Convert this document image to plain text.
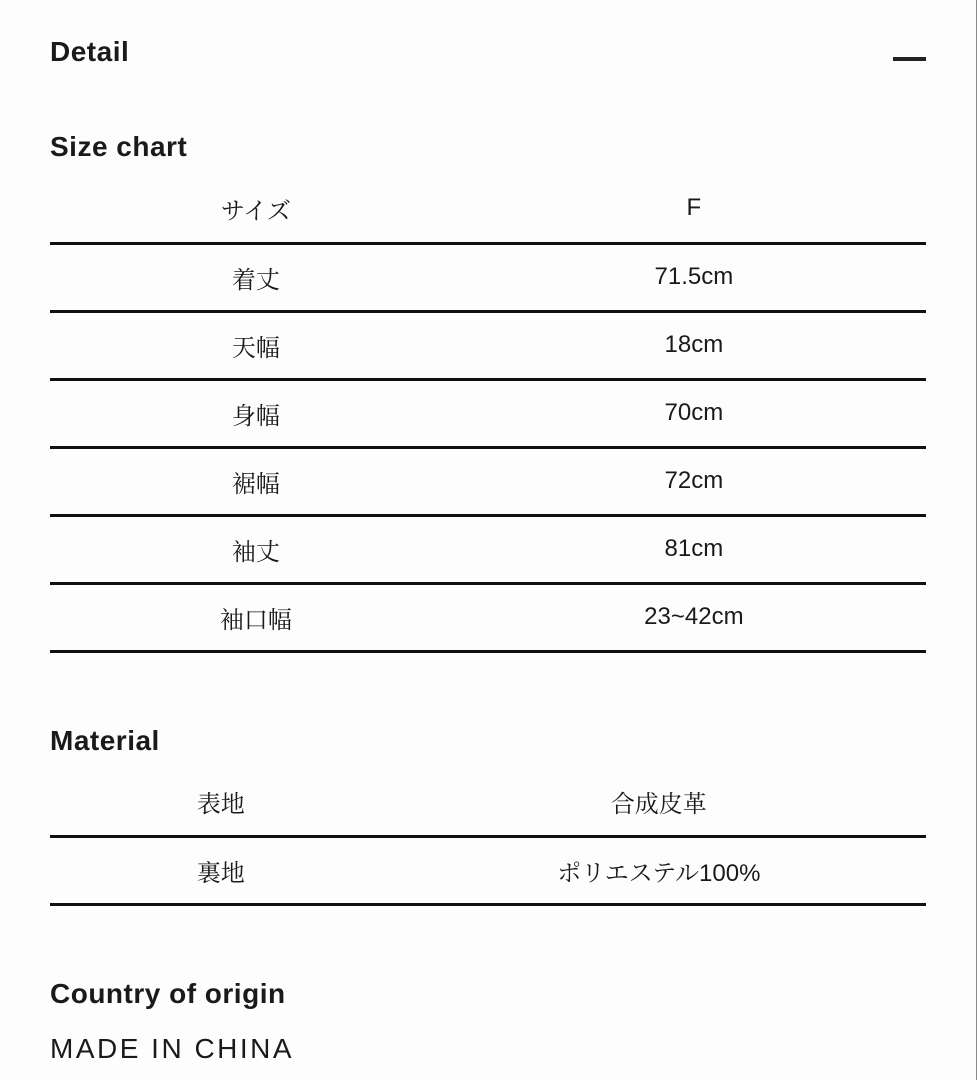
Detail
Size chart
サイズ	F
着丈	71.5cm
天幅	18cm
身幅	70cm
裾幅	72cm
袖丈	81cm
袖口幅	23~42cm
Material
表地	合成皮革
裏地	ポリエステル100%
Country of origin
MADE IN CHINA
